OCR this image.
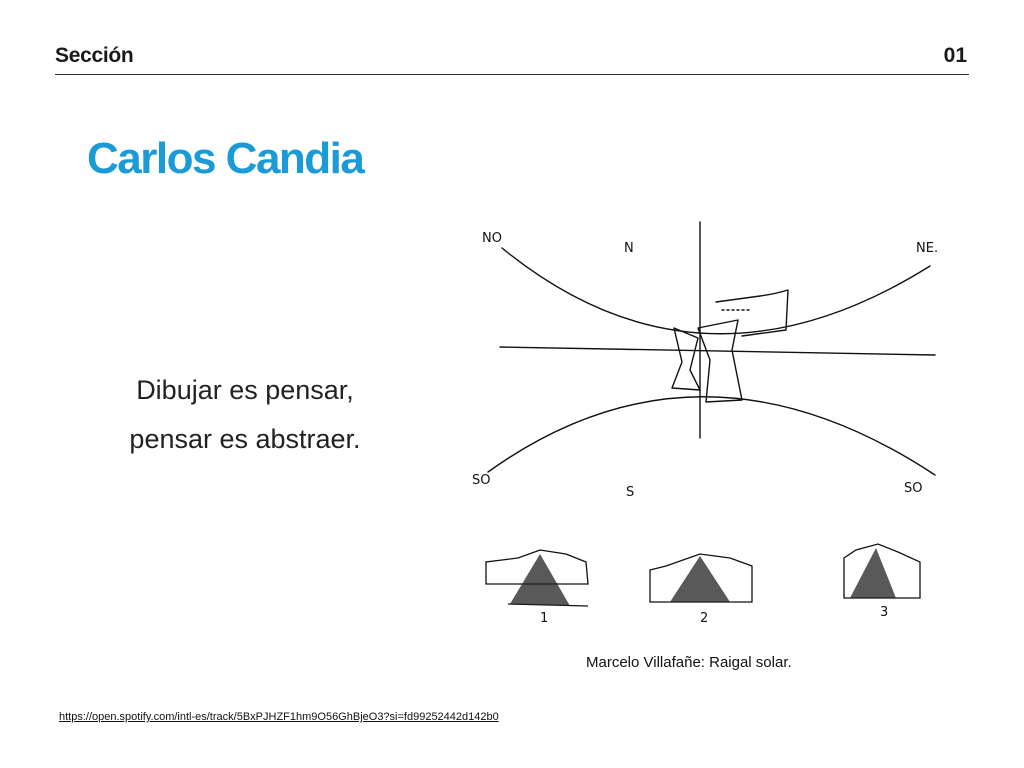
Sección	01
Carlos Candia
Dibujar es pensar,
pensar es abstraer.
NO
N	NE.
SO
S	SO
1	2	3
Marcelo Villafañe: Raigal solar.
https://open.spotify.com/intl-es/track/5BxPJHZF1hm9O56GhBjeO3?si=fd99252442d142b0
